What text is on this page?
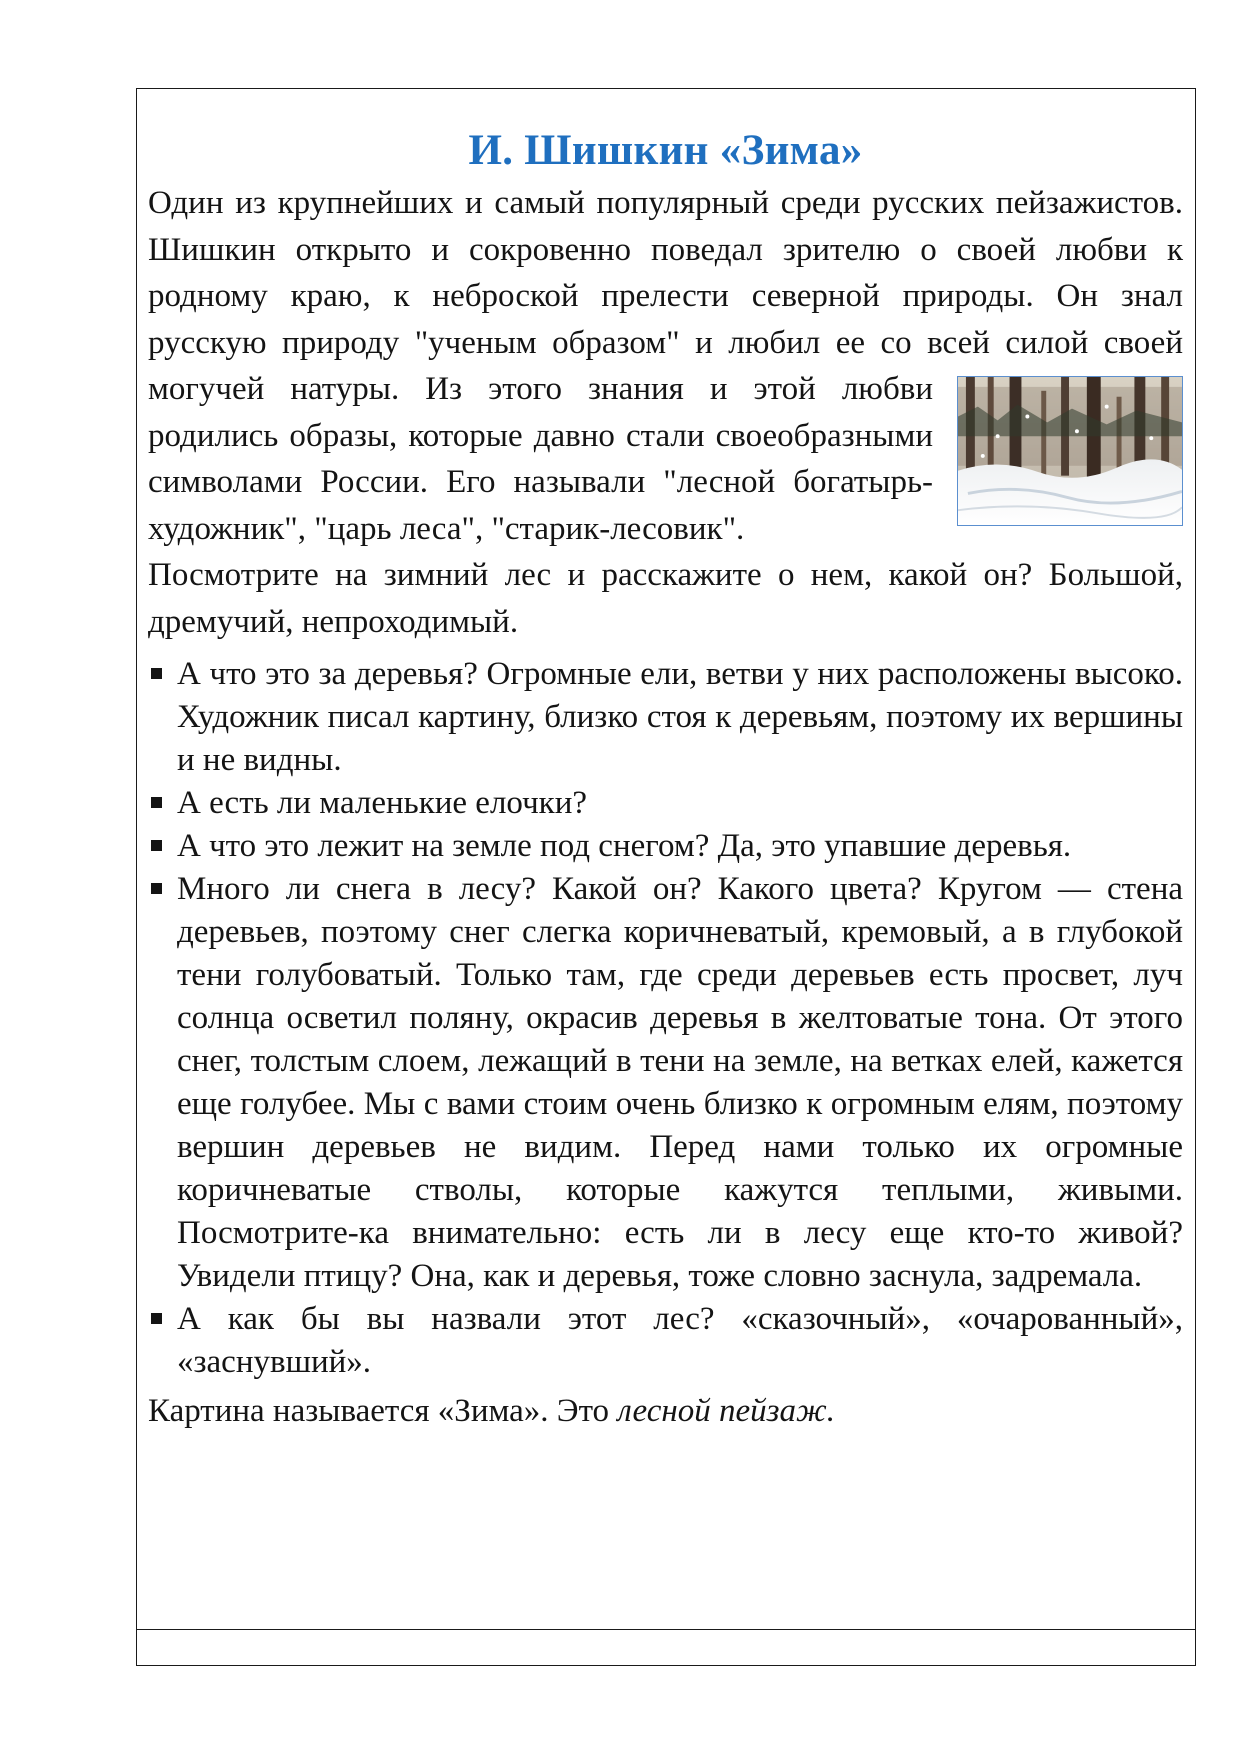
И. Шишкин «Зима»

Один из крупнейших и самый популярный среди русских пейзажистов. Шишкин открыто и сокровенно поведал зрителю о своей любви к родному краю, к неброской прелести северной природы. Он знал русскую природу "ученым образом" и любил ее со всей силой своей могучей натуры. Из этого знания и этой любви родились образы, которые давно стали своеобразными символами России. Его называли "лесной богатырь-художник", "царь леса", "старик-лесовик".

Посмотрите на зимний лес и расскажите о нем, какой он? Большой, дремучий, непроходимый.

А что это за деревья? Огромные ели, ветви у них расположены высоко. Художник писал картину, близко стоя к деревьям, поэтому их вершины и не видны.
А есть ли маленькие елочки?
А что это лежит на земле под снегом? Да, это упавшие деревья.
Много ли снега в лесу? Какой он? Какого цвета? Кругом — стена деревьев, поэтому снег слегка коричневатый, кремовый, а в глубокой тени голубоватый. Только там, где среди деревьев есть просвет, луч солнца осветил поляну, окрасив деревья в желтоватые тона. От этого снег, толстым слоем, лежащий в тени на земле, на ветках елей, кажется еще голубее. Мы с вами стоим очень близко к огромным елям, поэтому вершин деревьев не видим. Перед нами только их огромные коричневатые стволы, которые кажутся теплыми, живыми. Посмотрите-ка внимательно: есть ли в лесу еще кто-то живой? Увидели птицу? Она, как и деревья, тоже словно заснула, задремала.
А как бы вы назвали этот лес? «сказочный», «очарованный», «заснувший».

Картина называется «Зима». Это лесной пейзаж.
